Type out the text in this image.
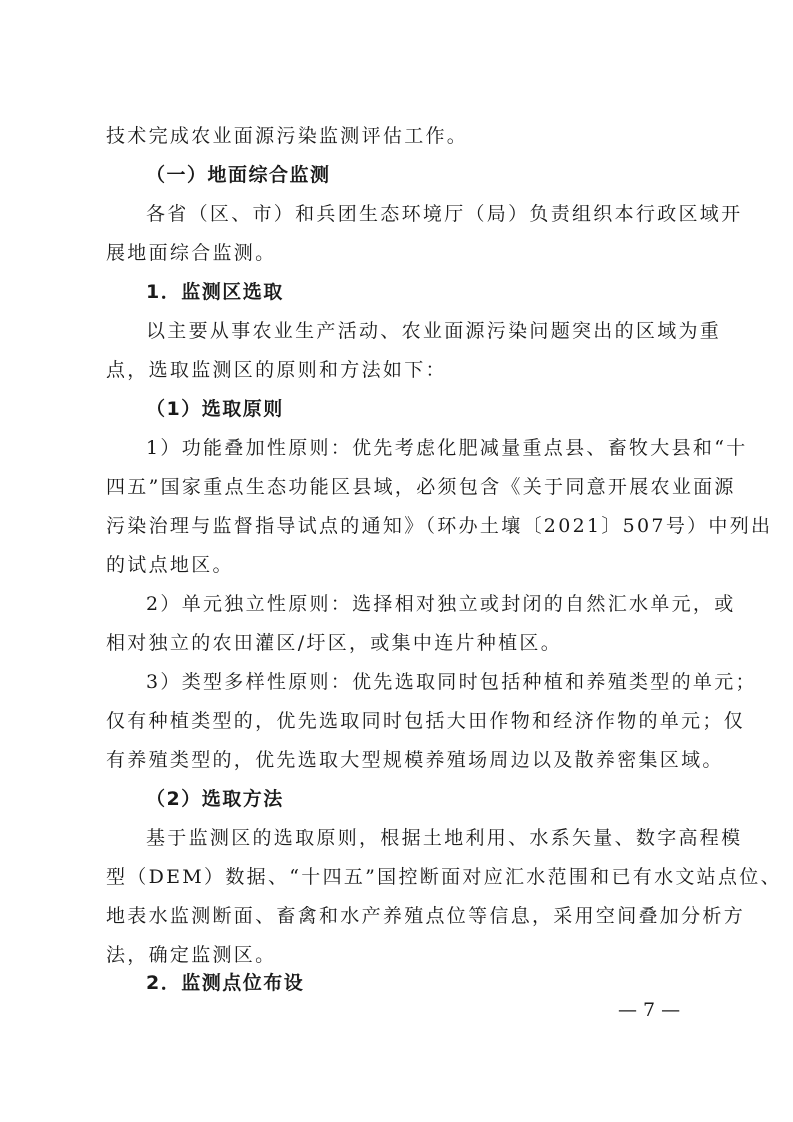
技术完成农业面源污染监测评估工作。
（一）地面综合监测
各省（区、市）和兵团生态环境厅（局）负责组织本行政区域开
展地面综合监测。
1．监测区选取
以主要从事农业生产活动、农业面源污染问题突出的区域为重
点，选取监测区的原则和方法如下：
（1）选取原则
1）功能叠加性原则：优先考虑化肥减量重点县、畜牧大县和“十
四五”国家重点生态功能区县域，必须包含《关于同意开展农业面源
污染治理与监督指导试点的通知》（环办土壤〔2021〕507号）中列出
的试点地区。
2）单元独立性原则：选择相对独立或封闭的自然汇水单元，或
相对独立的农田灌区/圩区，或集中连片种植区。
3）类型多样性原则：优先选取同时包括种植和养殖类型的单元；
仅有种植类型的，优先选取同时包括大田作物和经济作物的单元；仅
有养殖类型的，优先选取大型规模养殖场周边以及散养密集区域。
（2）选取方法
基于监测区的选取原则，根据土地利用、水系矢量、数字高程模
型（DEM）数据、“十四五”国控断面对应汇水范围和已有水文站点位、
地表水监测断面、畜禽和水产养殖点位等信息，采用空间叠加分析方
法，确定监测区。
2．监测点位布设
— 7 —
